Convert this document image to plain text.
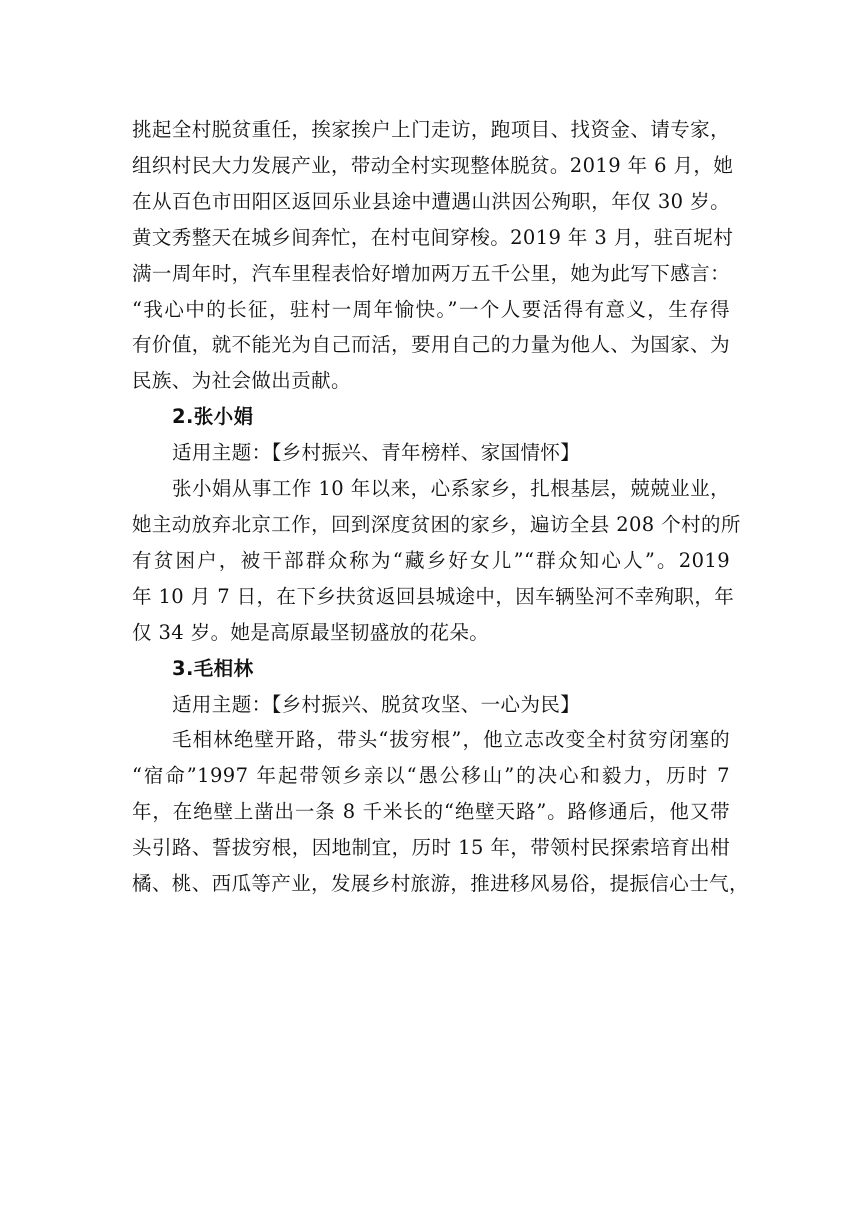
挑起全村脱贫重任，挨家挨户上门走访，跑项目、找资金、请专家，
组织村民大力发展产业，带动全村实现整体脱贫。2019 年 6 月，她
在从百色市田阳区返回乐业县途中遭遇山洪因公殉职，年仅 30 岁。
黄文秀整天在城乡间奔忙，在村屯间穿梭。2019 年 3 月，驻百坭村
满一周年时，汽车里程表恰好增加两万五千公里，她为此写下感言：
“我心中的长征，驻村一周年愉快。”一个人要活得有意义，生存得
有价值，就不能光为自己而活，要用自己的力量为他人、为国家、为
民族、为社会做出贡献。
2.张小娟
适用主题：【乡村振兴、青年榜样、家国情怀】
张小娟从事工作 10 年以来，心系家乡，扎根基层，兢兢业业，
她主动放弃北京工作，回到深度贫困的家乡，遍访全县 208 个村的所
有贫困户，被干部群众称为“藏乡好女儿”“群众知心人”。2019
年 10 月 7 日，在下乡扶贫返回县城途中，因车辆坠河不幸殉职，年
仅 34 岁。她是高原最坚韧盛放的花朵。
3.毛相林
适用主题：【乡村振兴、脱贫攻坚、一心为民】
毛相林绝壁开路，带头“拔穷根”，他立志改变全村贫穷闭塞的
“宿命”1997 年起带领乡亲以“愚公移山”的决心和毅力，历时 7
年，在绝壁上凿出一条 8 千米长的“绝壁天路”。路修通后，他又带
头引路、誓拔穷根，因地制宜，历时 15 年，带领村民探索培育出柑
橘、桃、西瓜等产业，发展乡村旅游，推进移风易俗，提振信心士气，
